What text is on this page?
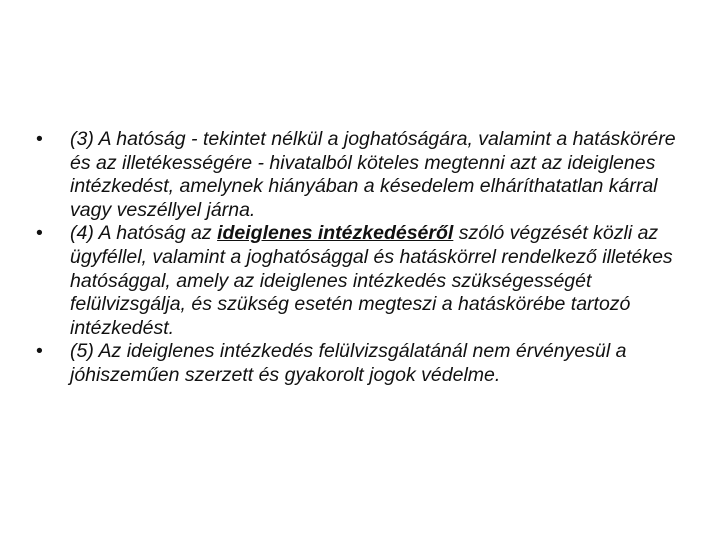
• (3) A hatóság - tekintet nélkül a joghatóságára, valamint a hatáskörére és az illetékességére - hivatalból köteles megtenni azt az ideiglenes intézkedést, amelynek hiányában a késedelem elháríthatatlan kárral vagy veszéllyel járna.
• (4) A hatóság az ideiglenes intézkedéséről szóló végzését közli az ügyféllel, valamint a joghatósággal és hatáskörrel rendelkező illetékes hatósággal, amely az ideiglenes intézkedés szükségességét felülvizsgálja, és szükség esetén megteszi a hatáskörébe tartozó intézkedést.
• (5) Az ideiglenes intézkedés felülvizsgálatánál nem érvényesül a jóhiszeműen szerzett és gyakorolt jogok védelme.
